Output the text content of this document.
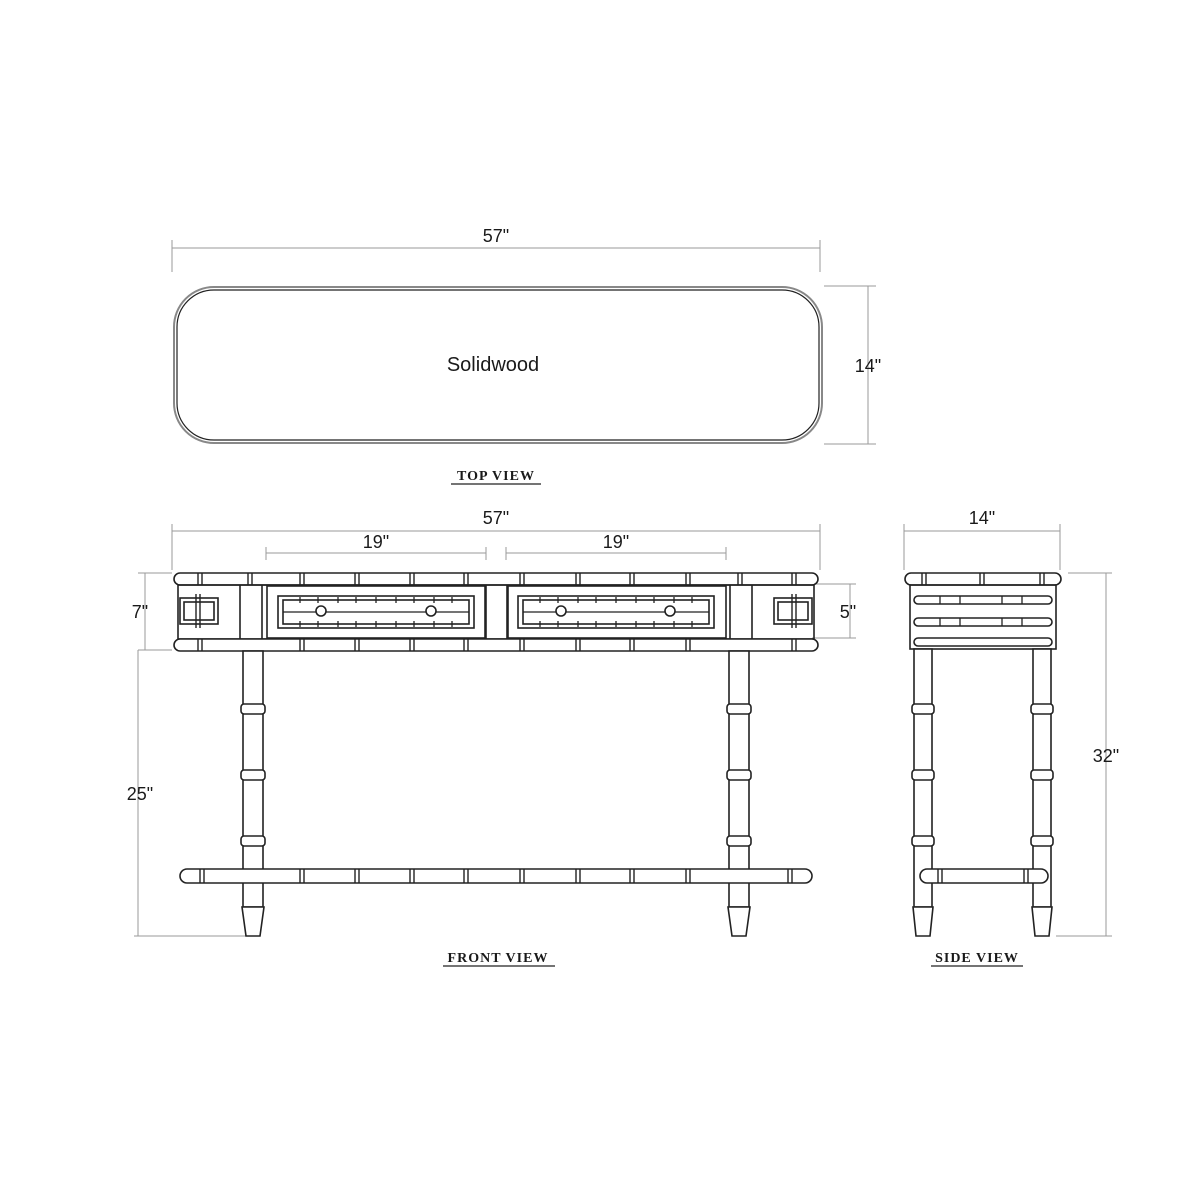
57"
Solidwood	14"
TOP VIEW
57"
19"	19"
7"	5"
25"
FRONT VIEW
14"
32"
SIDE VIEW
